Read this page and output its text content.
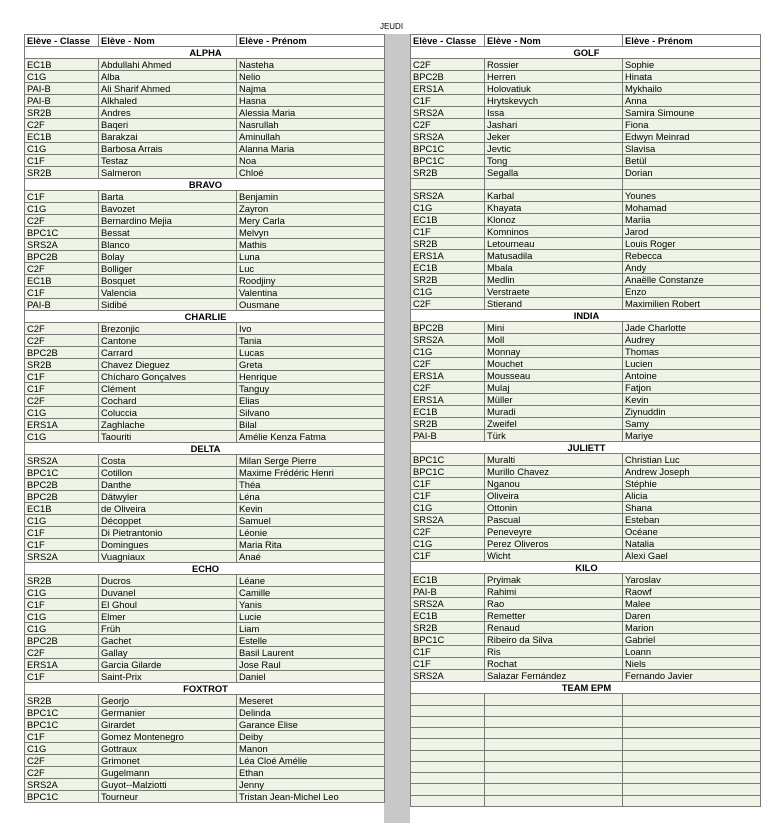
JEUDI
Elève - Classe	Elève - Nom	Elève - Prénom
ALPHA		
EC1B	Abdullahi Ahmed	Nasteha
C1G	Alba	Nelio
PAI-B	Ali Sharif Ahmed	Najma
PAI-B	Alkhaled	Hasna
SR2B	Andres	Alessia Maria
C2F	Baqeri	Nasrullah
EC1B	Barakzai	Aminullah
C1G	Barbosa Arrais	Alanna Maria
C1F	Testaz	Noa
SR2B	Salmeron	Chloé
BRAVO		
C1F	Barta	Benjamin
C1G	Bavozet	Zayron
C2F	Bernardino Mejia	Mery Carla
BPC1C	Bessat	Melvyn
SRS2A	Blanco	Mathis
BPC2B	Bolay	Luna
C2F	Bolliger	Luc
EC1B	Bosquet	Roodjiny
C1F	Valencia	Valentina
PAI-B	Sidibé	Ousmane
CHARLIE		
C2F	Brezonjic	Ivo
C2F	Cantone	Tania
BPC2B	Carrard	Lucas
SR2B	Chavez Dieguez	Greta
C1F	Chícharo Gonçalves	Henrique
C1F	Clément	Tanguy
C2F	Cochard	Elias
C1G	Coluccia	Silvano
ERS1A	Zaghlache	Bilal
C1G	Taouriti	Amélie Kenza Fatma
DELTA		
SRS2A	Costa	Milan Serge Pierre
BPC1C	Cotillon	Maxime Frédéric Henri
BPC2B	Danthe	Théa
BPC2B	Dätwyler	Léna
EC1B	de Oliveira	Kevin
C1G	Décoppet	Samuel
C1F	Di Pietrantonio	Léonie
C1F	Domingues	Maria Rita
SRS2A	Vuagniaux	Anaé
ECHO		
SR2B	Ducros	Léane
C1G	Duvanel	Camille
C1F	El Ghoul	Yanis
C1G	Elmer	Lucie
C1G	Früh	Liam
BPC2B	Gachet	Estelle
C2F	Gallay	Basil Laurent
ERS1A	Garcia Gilarde	Jose Raul
C1F	Saint-Prix	Daniel
FOXTROT		
SR2B	Georjo	Meseret
BPC1C	Germanier	Delinda
BPC1C	Girardet	Garance Elise
C1F	Gomez Montenegro	Deiby
C1G	Gottraux	Manon
C2F	Grimonet	Léa Cloé Amélie
C2F	Gugelmann	Ethan
SRS2A	Guyot--Malziotti	Jenny
BPC1C	Tourneur	Tristan Jean-Michel Leo
Elève - Classe	Elève - Nom	Elève - Prénom
GOLF		
C2F	Rossier	Sophie
BPC2B	Herren	Hinata
ERS1A	Holovatiuk	Mykhailo
C1F	Hrytskevych	Anna
SRS2A	Issa	Samira Simoune
C2F	Jashari	Fiona
SRS2A	Jeker	Edwyn Meinrad
BPC1C	Jevtic	Slavisa
BPC1C	Tong	Betül
SR2B	Segalla	Dorian

SRS2A	Karbal	Younes
C1G	Khayata	Mohamad
EC1B	Klonoz	Mariia
C1F	Komninos	Jarod
SR2B	Letourneau	Louis Roger
ERS1A	Matusadila	Rebecca
EC1B	Mbala	Andy
SR2B	Medlin	Anaëlle Constanze
C1G	Verstraete	Enzo
C2F	Stierand	Maximilien Robert
INDIA		
BPC2B	Mini	Jade Charlotte
SRS2A	Moll	Audrey
C1G	Monnay	Thomas
C2F	Mouchet	Lucien
ERS1A	Mousseau	Antoine
C2F	Mulaj	Fatjon
ERS1A	Müller	Kevin
EC1B	Muradi	Ziynuddin
SR2B	Zweifel	Samy
PAI-B	Türk	Mariye
JULIETT		
BPC1C	Muralti	Christian Luc
BPC1C	Murillo Chavez	Andrew Joseph
C1F	Nganou	Stéphie
C1F	Oliveira	Alicia
C1G	Ottonin	Shana
SRS2A	Pascual	Esteban
C2F	Peneveyre	Océane
C1G	Perez Oliveros	Natalia
C1F	Wicht	Alexi Gael
KILO		
EC1B	Pryimak	Yaroslav
PAI-B	Rahimi	Raowf
SRS2A	Rao	Malee
EC1B	Remetter	Daren
SR2B	Renaud	Marion
BPC1C	Ribeiro da Silva	Gabriel
C1F	Ris	Loann
C1F	Rochat	Niels
SRS2A	Salazar Fernández	Fernando Javier
TEAM EPM		
